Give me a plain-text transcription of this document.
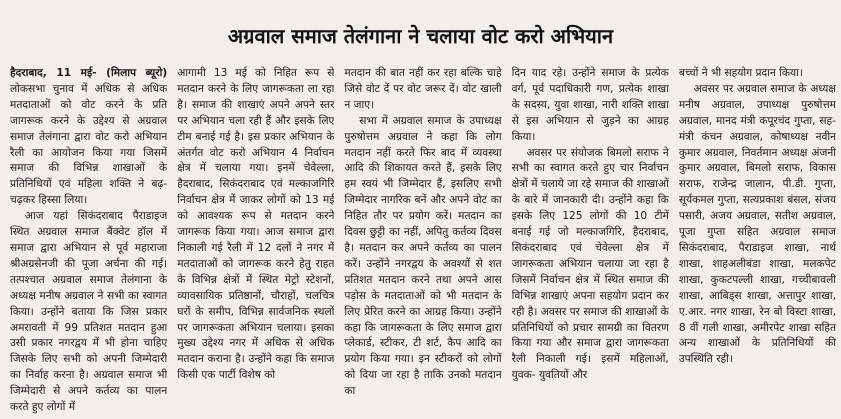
अग्रवाल समाज तेलंगाना ने चलाया वोट करो अभियान

हैदराबाद, 11 मई- (मिलाप ब्यूरो) लोकसभा चुनाव में अधिक से अधिक मतदाताओं को वोट करने के प्रति जागरूक करने के उद्देश्य से अग्रवाल समाज तेलंगाना द्वारा वोट करो अभियान रैली का आयोजन किया गया जिसमें समाज की विभिन्न शाखाओं के प्रतिनिधियों एवं महिला शक्ति ने बढ़-चढ़कर हिस्सा लिया।

आज यहां सिकंदराबाद पैराडाइज स्थित अग्रवाल समाज बैंक्वेट हॉल में समाज द्वारा अभियान से पूर्व महाराजा श्रीअग्रसेनजी की पूजा अर्चना की गई। तत्पश्चात अग्रवाल समाज तेलंगाना के अध्यक्ष मनीष अग्रवाल ने सभी का स्वागत किया। उन्होंने बताया कि जिस प्रकार अमरावती में 99 प्रतिशत मतदान हुआ उसी प्रकार नगरद्वय में भी होना चाहिए जिसके लिए सभी को अपनी जिम्मेदारी का निर्वाह करना है। अग्रवाल समाज भी जिम्मेदारी से अपने कर्तव्य का पालन करते हुए लोगों में

आगामी 13 मई को निहित रूप से मतदान करने के लिए जागरूकता ला रहा है। समाज की शाखाएं अपने अपने स्तर पर अभियान चला रही हैं और इसके लिए टीम बनाई गई है। इस प्रकार अभियान के अंतर्गत वोट करो अभियान 4 निर्वाचन क्षेत्र में चलाया गया। इनमें चेवेल्ला, हैदराबाद, सिकंदराबाद एवं मल्काजगिरि निर्वाचन क्षेत्र में जाकर लोगों को 13 मई को आवश्यक रूप से मतदान करने जागरूक किया गया। आज समाज द्वारा निकाली गई रैली में 12 दलों ने नगर में मतदाताओं को जागरूक करने हेतु राहत के विभिन्न क्षेत्रों में स्थित मेट्रो स्टेशनों, व्यावसायिक प्रतिष्ठानों, चौराहों, चलचित्र घरों के समीप, विभिन्न सार्वजनिक स्थलों पर जागरूकता अभियान चलाया। इसका मुख्य उद्देश्य नगर में अधिक से अधिक मतदान कराना है। उन्होंने कहा कि समाज किसी एक पार्टी विशेष को

मतदान की बात नहीं कर रहा बल्कि चाहे जिसे वोट दें पर वोट जरूर दें। वोट खाली न जाए।

सभा में अग्रवाल समाज के उपाध्यक्ष पुरुषोत्तम अग्रवाल ने कहा कि लोग मतदान नहीं करते फिर बाद में व्यवस्था आदि की शिकायत करते हैं, इसके लिए हम स्वयं भी जिम्मेदार हैं, इसलिए सभी जिम्मेदार नागरिक बनें और अपने वोट का निहित तौर पर प्रयोग करें। मतदान का दिवस छुट्टी का नहीं, अपितु कर्तव्य दिवस है। मतदान कर अपने कर्तव्य का पालन करें। उन्होंने नगरद्वय के अवश्यों से शत प्रतिशत मतदान करने तथा अपने आस पड़ोस के मतदाताओं को भी मतदान के लिए प्रेरित करने का आग्रह किया। उन्होंने कहा कि जागरूकता के लिए समाज द्वारा प्लेकार्ड, स्टीकर, टी शर्ट, कैप आदि का प्रयोग किया गया। इन स्टीकरों को लोगों को दिया जा रहा है ताकि उनको मतदान का

दिन याद रहे। उन्होंने समाज के प्रत्येक वर्ग, पूर्व पदाधिकारी गण, प्रत्येक शाखा के सदस्य, युवा शाखा, नारी शक्ति शाखा से इस अभियान से जुड़ने का आग्रह किया।

अवसर पर संयोजक बिमलो सराफ ने सभी का स्वागत करते हुए चार निर्वाचन क्षेत्रों में चलाये जा रहे समाज की शाखाओं के बारे में जानकारी दी। उन्होंने कहा कि इसके लिए 125 लोगों की 10 टीमें बनाई गई जो मल्काजगिरि, हैदराबाद, सिकंदराबाद एवं चेवेल्ला क्षेत्र में जागरूकता अभियान चलाया जा रहा है जिसमें निर्वाचन क्षेत्र में स्थित समाज की विभिन्न शाखाएं अपना सहयोग प्रदान कर रही है। अवसर पर समाज की शाखाओं के प्रतिनिधियों को प्रचार सामग्री का वितरण किया गया और समाज द्वारा जागरूकता रैली निकाली गई। इसमें महिलाओं, युवक- युवतियों और

बच्चों ने भी सहयोग प्रदान किया।

अवसर पर अग्रवाल समाज के अध्यक्ष मनीष अग्रवाल, उपाध्यक्ष पुरुषोत्तम अग्रवाल, मानद मंत्री कपूरचंद गुप्ता, सह-मंत्री कंचन अग्रवाल, कोषाध्यक्ष नवीन कुमार अग्रवाल, निवर्तमान अध्यक्ष अंजनी कुमार अग्रवाल, बिमलो सराफ, विकास सराफ, राजेन्द्र जालान, पी.डी. गुप्ता, सूर्यकमल गुप्ता, सत्यप्रकाश बंसल, संजय पसारी, अजय अग्रवाल, सतीश अग्रवाल, पूजा गुप्ता सहित अग्रवाल समाज सिकंदराबाद, पैराडाइज शाखा, नार्थ शाखा, शाहअलीबंडा शाखा, मलकपेट शाखा, कुकटपल्ली शाखा, गच्चीबावली शाखा, आबिड्स शाखा, अत्तापुर शाखा, ए.आर. नगर शाखा, रेन बो विस्टा शाखा, 8 वीं गली शाखा, अमीरपेट शाखा सहित अन्य शाखाओं के प्रतिनिधियों की उपस्थिति रही।
